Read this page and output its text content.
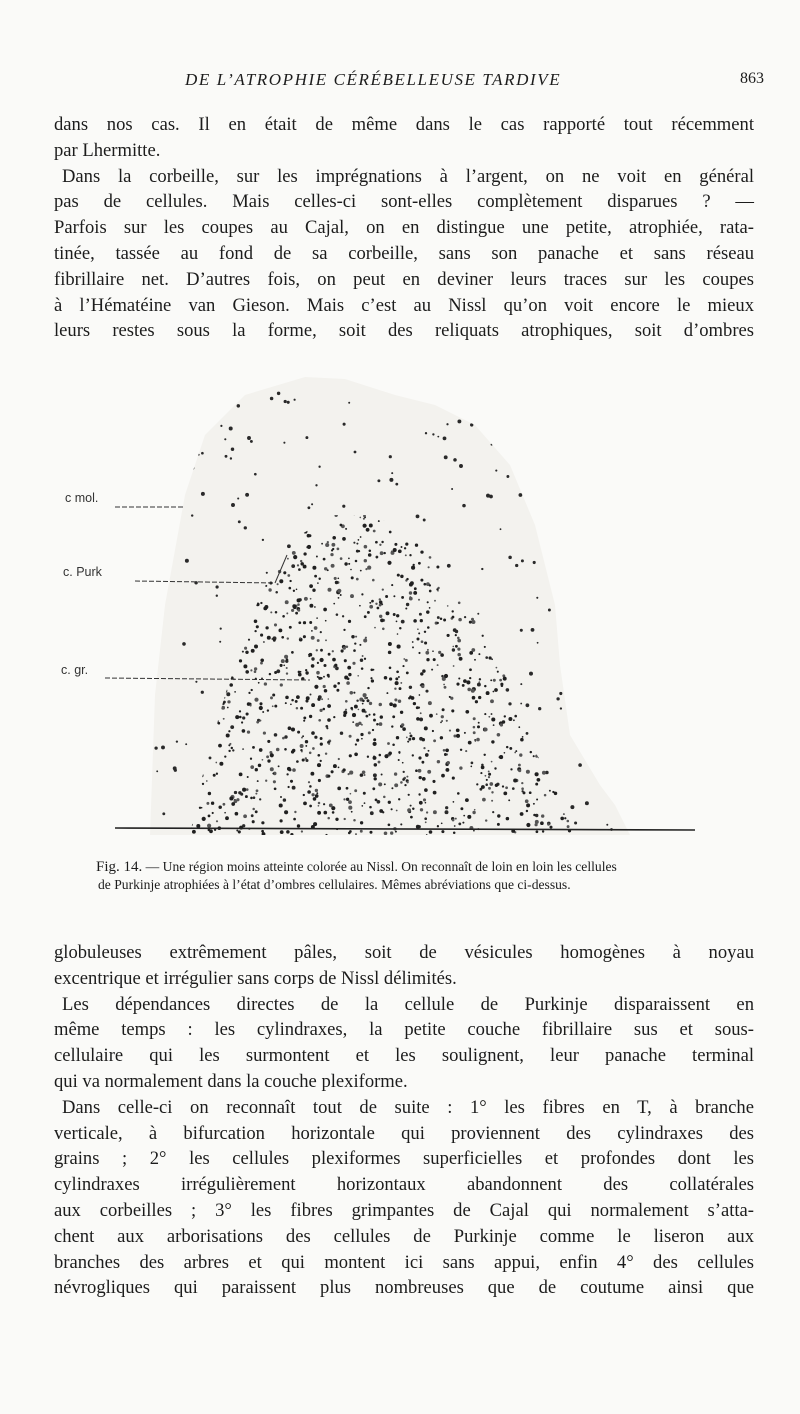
DE L’ATROPHIE CÉRÉBELLEUSE TARDIVE	863
dans nos cas. Il en était de même dans le cas rapporté tout récemment
par Lhermitte.
Dans la corbeille, sur les imprégnations à l’argent, on ne voit en général
pas de cellules. Mais celles-ci sont-elles complètement disparues ? —
Parfois sur les coupes au Cajal, on en distingue une petite, atrophiée, rata-
tinée, tassée au fond de sa corbeille, sans son panache et sans réseau
fibrillaire net. D’autres fois, on peut en deviner leurs traces sur les coupes
à l’Hématéine van Gieson. Mais c’est au Nissl qu’on voit encore le mieux
leurs restes sous la forme, soit des reliquats atrophiques, soit d’ombres
c mol.
c. Purk
c. gr.
Fig. 14. — Une région moins atteinte colorée au Nissl. On reconnaît de loin en loin les cellules
de Purkinje atrophiées à l’état d’ombres cellulaires. Mêmes abréviations que ci-dessus.
globuleuses extrêmement pâles, soit de vésicules homogènes à noyau
excentrique et irrégulier sans corps de Nissl délimités.
Les dépendances directes de la cellule de Purkinje disparaissent en
même temps : les cylindraxes, la petite couche fibrillaire sus et sous-
cellulaire qui les surmontent et les soulignent, leur panache terminal
qui va normalement dans la couche plexiforme.
Dans celle-ci on reconnaît tout de suite : 1° les fibres en T, à branche
verticale, à bifurcation horizontale qui proviennent des cylindraxes des
grains ; 2° les cellules plexiformes superficielles et profondes dont les
cylindraxes irrégulièrement horizontaux abandonnent des collatérales
aux corbeilles ; 3° les fibres grimpantes de Cajal qui normalement s’atta-
chent aux arborisations des cellules de Purkinje comme le liseron aux
branches des arbres et qui montent ici sans appui, enfin 4° des cellules
névrogliques qui paraissent plus nombreuses que de coutume ainsi que
